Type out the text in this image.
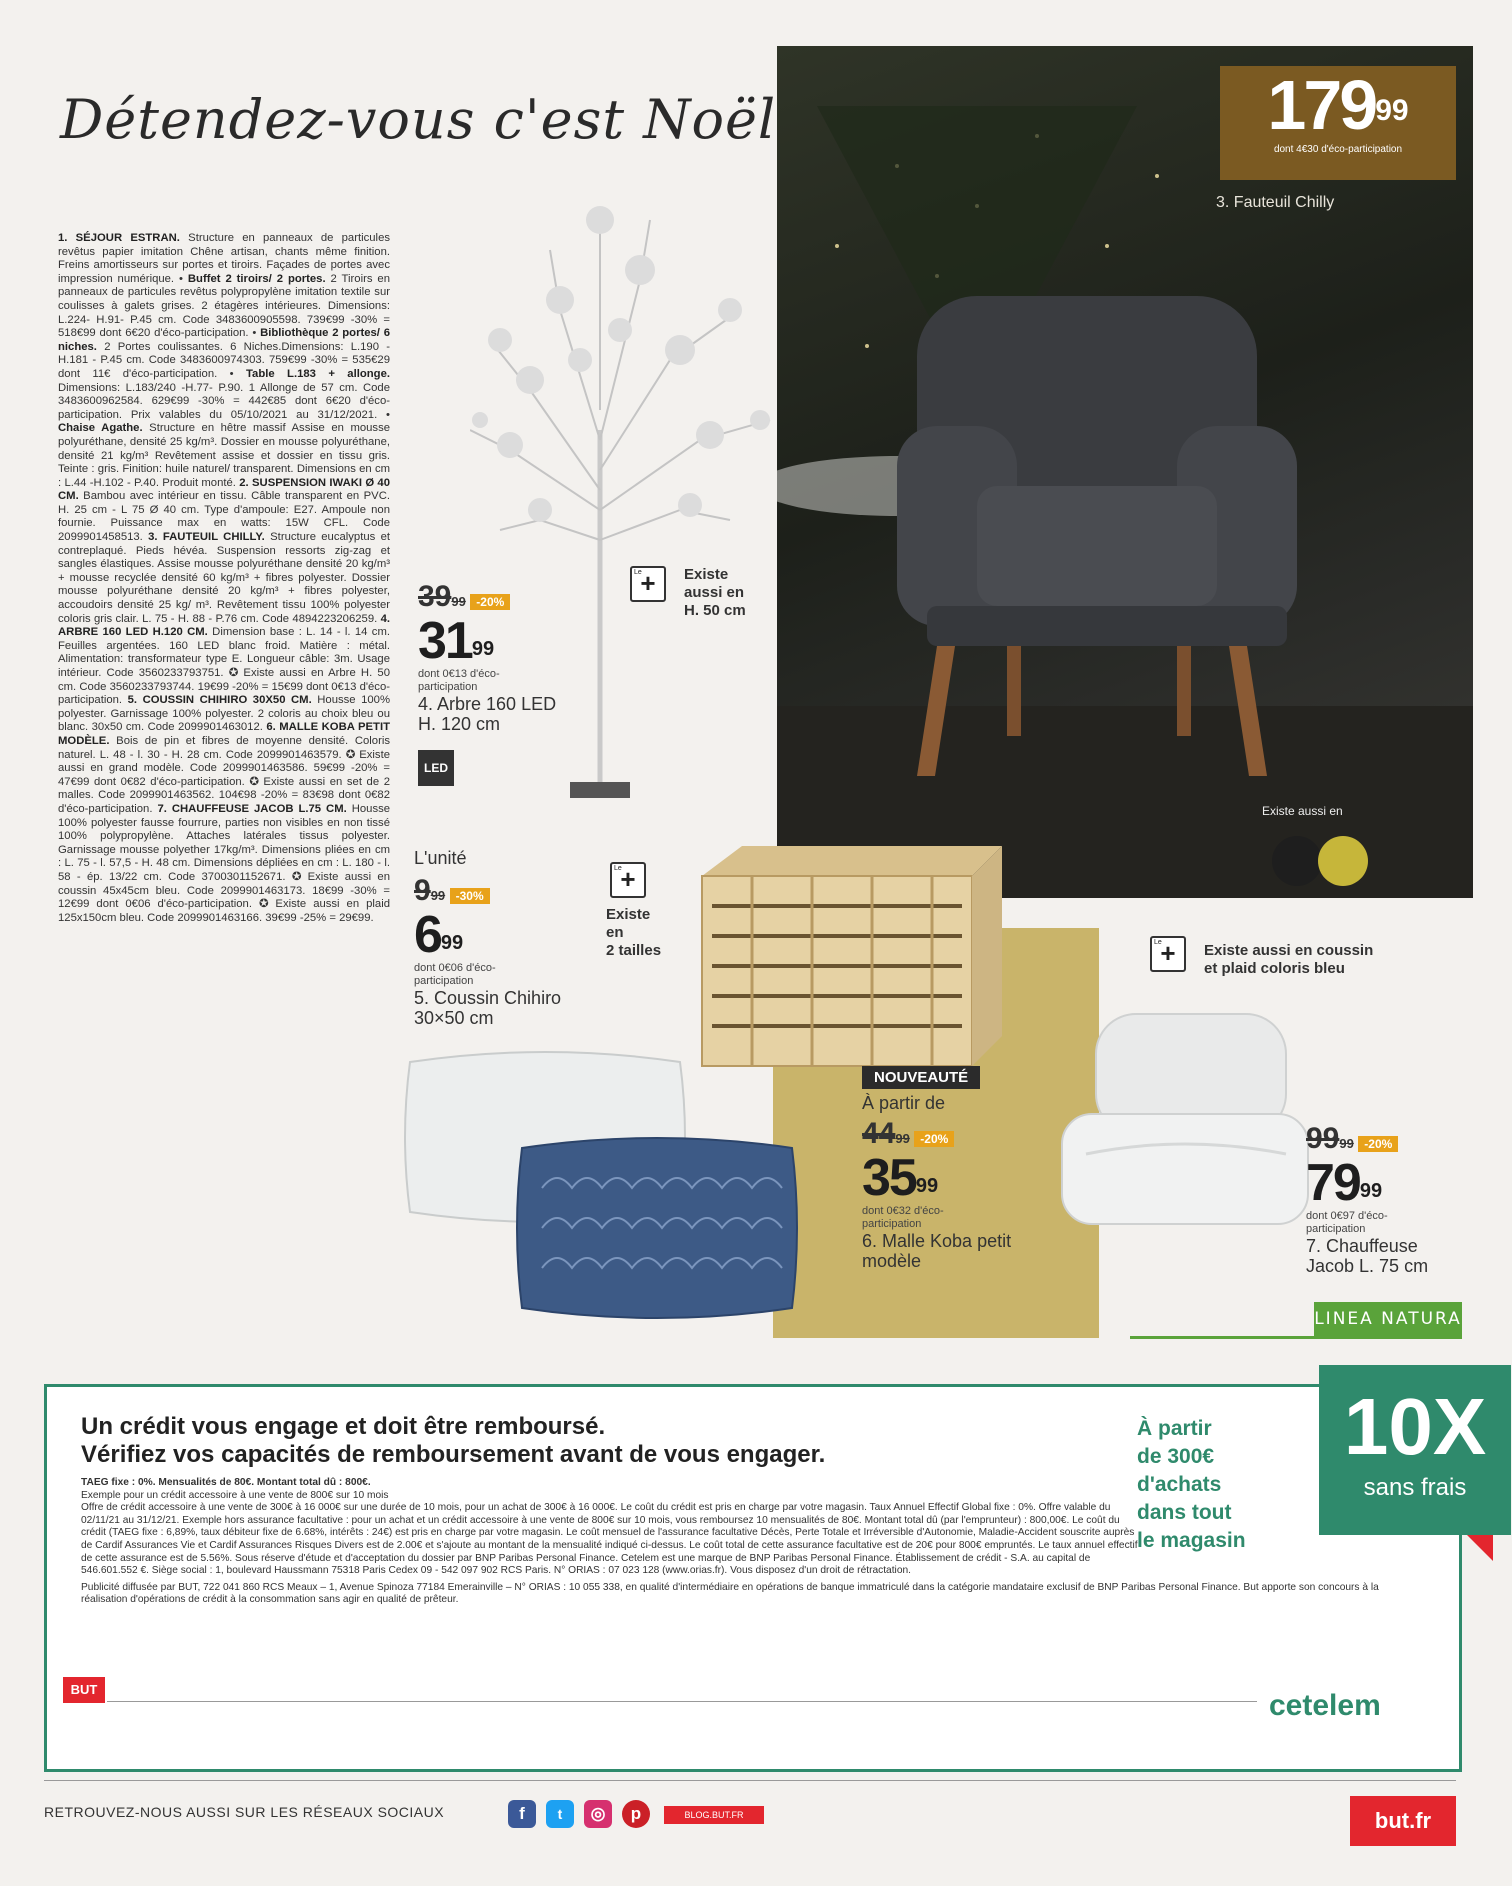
Détendez-vous c'est Noël
1. SÉJOUR ESTRAN. Structure en panneaux de particules revêtus papier imitation Chêne artisan, chants même finition. Freins amortisseurs sur portes et tiroirs. Façades de portes avec impression numérique. • Buffet 2 tiroirs/ 2 portes. 2 Tiroirs en panneaux de particules revêtus polypropylène imitation textile sur coulisses à galets grises. 2 étagères intérieures. Dimensions: L.224- H.91- P.45 cm. Code 3483600905598. 739€99 -30% = 518€99 dont 6€20 d'éco-participation. • Bibliothèque 2 portes/ 6 niches. 2 Portes coulissantes. 6 Niches.Dimensions: L.190 - H.181 - P.45 cm. Code 3483600974303. 759€99 -30% = 535€29 dont 11€ d'éco-participation. • Table L.183 + allonge. Dimensions: L.183/240 -H.77- P.90. 1 Allonge de 57 cm. Code 3483600962584. 629€99 -30% = 442€85 dont 6€20 d'éco-participation. Prix valables du 05/10/2021 au 31/12/2021. • Chaise Agathe. Structure en hêtre massif Assise en mousse polyuréthane, densité 25 kg/m³. Dossier en mousse polyuréthane, densité 21 kg/m³ Revêtement assise et dossier en tissu gris. Teinte : gris. Finition: huile naturel/ transparent. Dimensions en cm : L.44 -H.102 - P.40. Produit monté. 2. SUSPENSION IWAKI Ø 40 CM. Bambou avec intérieur en tissu. Câble transparent en PVC. H. 25 cm - L 75 Ø 40 cm. Type d'ampoule: E27. Ampoule non fournie. Puissance max en watts: 15W CFL. Code 2099901458513. 3. FAUTEUIL CHILLY. Structure eucalyptus et contreplaqué. Pieds hévéa. Suspension ressorts zig-zag et sangles élastiques. Assise mousse polyuréthane densité 20 kg/m³ + mousse recyclée densité 60 kg/m³ + fibres polyester. Dossier mousse polyuréthane densité 20 kg/m³ + fibres polyester, accoudoirs densité 25 kg/ m³. Revêtement tissu 100% polyester coloris gris clair. L. 75 - H. 88 - P.76 cm. Code 4894223206259. 4. ARBRE 160 LED H.120 CM. Dimension base : L. 14 - l. 14 cm. Feuilles argentées. 160 LED blanc froid. Matière : métal. Alimentation: transformateur type E. Longueur câble: 3m. Usage intérieur. Code 3560233793751. ✪ Existe aussi en Arbre H. 50 cm. Code 3560233793744. 19€99 -20% = 15€99 dont 0€13 d'éco-participation. 5. COUSSIN CHIHIRO 30X50 CM. Housse 100% polyester. Garnissage 100% polyester. 2 coloris au choix bleu ou blanc. 30x50 cm. Code 2099901463012. 6. MALLE KOBA PETIT MODÈLE. Bois de pin et fibres de moyenne densité. Coloris naturel. L. 48 - l. 30 - H. 28 cm. Code 2099901463579. ✪ Existe aussi en grand modèle. Code 2099901463586. 59€99 -20% = 47€99 dont 0€82 d'éco-participation. ✪ Existe aussi en set de 2 malles. Code 2099901463562. 104€98 -20% = 83€98 dont 0€82 d'éco-participation. 7. CHAUFFEUSE JACOB L.75 CM. Housse 100% polyester fausse fourrure, parties non visibles en non tissé 100% polypropylène. Attaches latérales tissus polyester. Garnissage mousse polyether 17kg/m³. Dimensions pliées en cm : L. 75 - l. 57,5 - H. 48 cm. Dimensions dépliées en cm : L. 180 - l. 58 - ép. 13/22 cm. Code 3700301152671. ✪ Existe aussi en coussin 45x45cm bleu. Code 2099901463173. 18€99 -30% = 12€99 dont 0€06 d'éco-participation. ✪ Existe aussi en plaid 125x150cm bleu. Code 2099901463166. 39€99 -25% = 29€99.
3999 -20%
$31^{99}$
dont 0€13 d'éco-participation
4. Arbre 160 LED
H. 120 cm
LED
Le
+	Existe
aussi en
H. 50 cm
$179^{99}$
dont 4€30 d'éco-participation
3. Fauteuil Chilly
Existe aussi en
Le
+
Existe
en
2 tailles
NOUVEAUTÉ
À partir de
4499 -20%
$35^{99}$
dont 0€32 d'éco-participation
6. Malle Koba petit
modèle
L'unité
999 -30%
$6^{99}$
dont 0€06 d'éco-participation
5. Coussin Chihiro
30×50 cm
Le
+	Existe aussi en coussin
et plaid coloris bleu
9999 -20%
$79^{99}$
dont 0€97 d'éco-participation
7. Chauffeuse
Jacob L. 75 cm
LINEA NATURA
Un crédit vous engage et doit être remboursé.
Vérifiez vos capacités de remboursement avant de vous engager.
TAEG fixe : 0%. Mensualités de 80€. Montant total dû : 800€.
Exemple pour un crédit accessoire à une vente de 800€ sur 10 mois
Offre de crédit accessoire à une vente de 300€ à 16 000€ sur une durée de 10 mois, pour un achat de 300€ à 16 000€. Le coût du crédit est pris en charge par votre magasin. Taux Annuel Effectif Global fixe : 0%. Offre valable du 02/11/21 au 31/12/21. Exemple hors assurance facultative : pour un achat et un crédit accessoire à une vente de 800€ sur 10 mois, vous remboursez 10 mensualités de 80€. Montant total dû (par l'emprunteur) : 800,00€. Le coût du crédit (TAEG fixe : 6,89%, taux débiteur fixe de 6.68%, intérêts : 24€) est pris en charge par votre magasin. Le coût mensuel de l'assurance facultative Décès, Perte Totale et Irréversible d'Autonomie, Maladie-Accident souscrite auprès de Cardif Assurances Vie et Cardif Assurances Risques Divers est de 2.00€ et s'ajoute au montant de la mensualité indiqué ci-dessus. Le coût total de cette assurance facultative est de 20€ pour 800€ empruntés. Le taux annuel effectif de cette assurance est de 5.56%. Sous réserve d'étude et d'acceptation du dossier par BNP Paribas Personal Finance. Cetelem est une marque de BNP Paribas Personal Finance. Établissement de crédit - S.A. au capital de 546.601.552 €. Siège social : 1, boulevard Haussmann 75318 Paris Cedex 09 - 542 097 902 RCS Paris. N° ORIAS : 07 023 128 (www.orias.fr). Vous disposez d'un droit de rétractation.
Publicité diffusée par BUT, 722 041 860 RCS Meaux – 1, Avenue Spinoza 77184 Emerainville – N° ORIAS : 10 055 338, en qualité d'intermédiaire en opérations de banque immatriculé dans la catégorie mandataire exclusif de BNP Paribas Personal Finance. But apporte son concours à la réalisation d'opérations de crédit à la consommation sans agir en qualité de prêteur.
À partir
de 300€
d'achats
dans tout
le magasin
10X
sans frais
BUT	cetelem
RETROUVEZ-NOUS AUSSI SUR LES RÉSEAUX SOCIAUX	f	t	◎	p	BLOG.BUT.FR	but.fr
